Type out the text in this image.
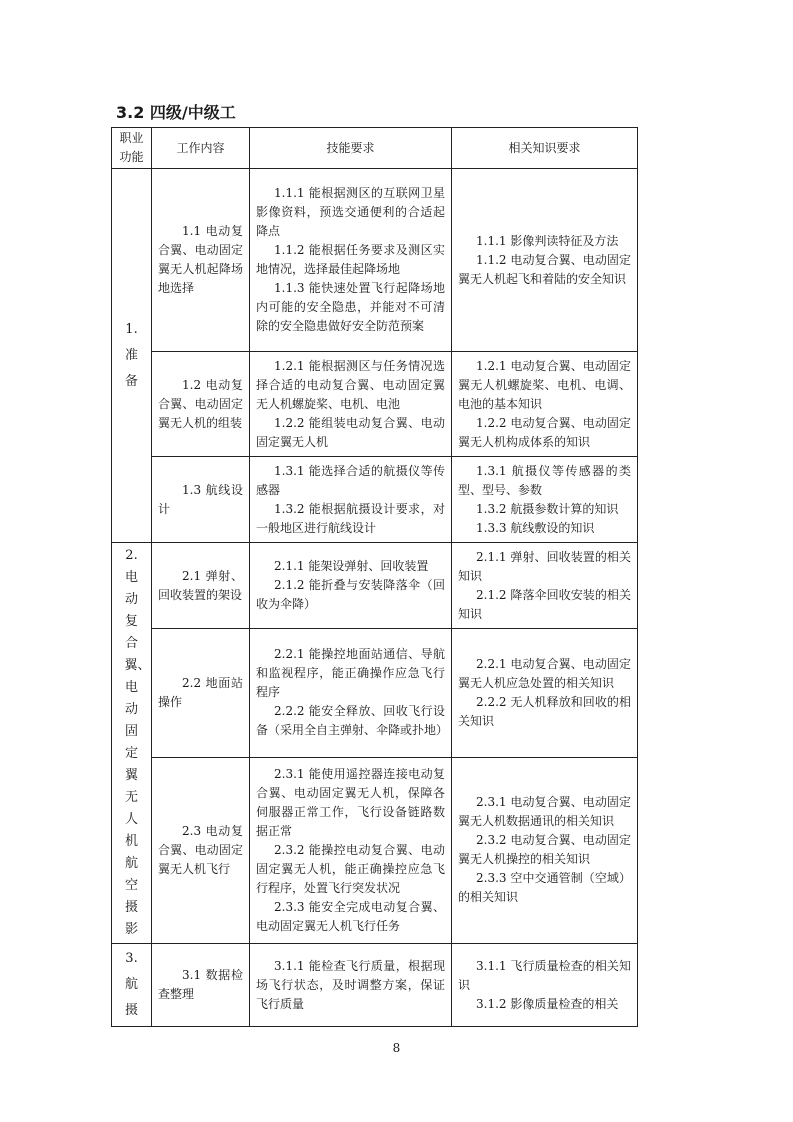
3.2 四级/中级工
职业功能	工作内容	技能要求	相关知识要求

1.准备	1.1 电动复合翼、电动固定翼无人机起降场地选择	1.1.1 能根据测区的互联网卫星影像资料，预选交通便利的合适起降点
1.1.2 能根据任务要求及测区实地情况，选择最佳起降场地
1.1.3 能快速处置飞行起降场地内可能的安全隐患，并能对不可清除的安全隐患做好安全防范预案	1.1.1 影像判读特征及方法
1.1.2 电动复合翼、电动固定翼无人机起飞和着陆的安全知识

	1.2 电动复合翼、电动固定翼无人机的组装	1.2.1 能根据测区与任务情况选择合适的电动复合翼、电动固定翼无人机螺旋桨、电机、电池
1.2.2 能组装电动复合翼、电动固定翼无人机	1.2.1 电动复合翼、电动固定翼无人机螺旋桨、电机、电调、电池的基本知识
1.2.2 电动复合翼、电动固定翼无人机构成体系的知识

	1.3 航线设计	1.3.1 能选择合适的航摄仪等传感器
1.3.2 能根据航摄设计要求，对一般地区进行航线设计	1.3.1 航摄仪等传感器的类型、型号、参数
1.3.2 航摄参数计算的知识
1.3.3 航线敷设的知识

2.电动复合翼、电动固定翼无人机航空摄影	2.1 弹射、回收装置的架设	2.1.1 能架设弹射、回收装置
2.1.2 能折叠与安装降落伞（回收为伞降）	2.1.1 弹射、回收装置的相关知识
2.1.2 降落伞回收安装的相关知识

	2.2 地面站操作	2.2.1 能操控地面站通信、导航和监视程序，能正确操作应急飞行程序
2.2.2 能安全释放、回收飞行设备（采用全自主弹射、伞降或扑地）	2.2.1 电动复合翼、电动固定翼无人机应急处置的相关知识
2.2.2 无人机释放和回收的相关知识

	2.3 电动复合翼、电动固定翼无人机飞行	2.3.1 能使用遥控器连接电动复合翼、电动固定翼无人机，保障各伺服器正常工作，飞行设备链路数据正常
2.3.2 能操控电动复合翼、电动固定翼无人机，能正确操控应急飞行程序，处置飞行突发状况
2.3.3 能安全完成电动复合翼、电动固定翼无人机飞行任务	2.3.1 电动复合翼、电动固定翼无人机数据通讯的相关知识
2.3.2 电动复合翼、电动固定翼无人机操控的相关知识
2.3.3 空中交通管制（空域）的相关知识

3.航摄	3.1 数据检查整理	3.1.1 能检查飞行质量，根据现场飞行状态，及时调整方案，保证飞行质量	3.1.1 飞行质量检查的相关知识
3.1.2 影像质量检查的相关
8
